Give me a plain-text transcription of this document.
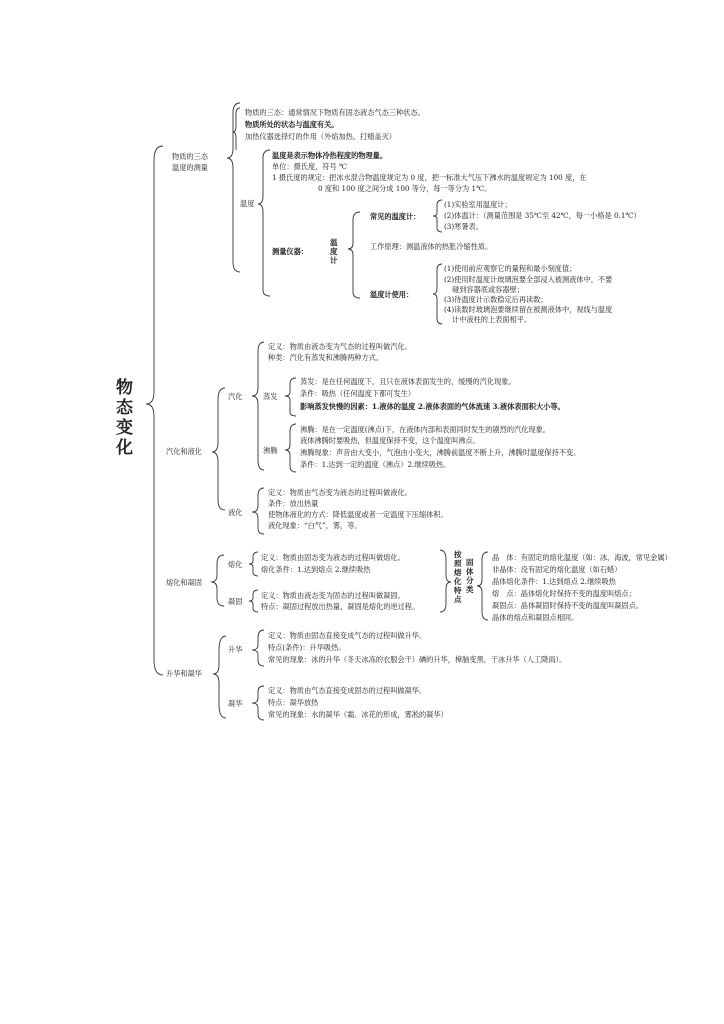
物态变化
物质的三态
温度的测量
物质的三态：通常情况下物质有固态液态气态三种状态。
物质所处的状态与温度有关。
加热仪器选择灯的作用（外焰加热、打蜡盖灭）
温度
温度是表示物体冷热程度的物理量。
单位：摄氏度，符号 ℃
1 摄氏度的规定：把冰水混合物温度规定为 0 度，把一标准大气压下沸水的温度规定为 100 度，在
0 度和 100 度之间分成 100 等分，每一等分为 1℃。
测量仪器：
温度计
常见的温度计：
(1)实验室用温度计；
(2)体温计：（测量范围是 35℃至 42℃，每一小格是 0.1℃）
(3)寒暑表。
工作原理：测温液体的热胀冷缩性质。
温度计使用：
(1)使用前应观察它的量程和最小刻度值；
(2)使用时温度计玻璃泡要全部浸入被测液体中，不要
碰到容器底或容器壁；
(3)待温度计示数稳定后再读数；
(4)读数时玻璃泡要继续留在被测液体中，视线与温度
计中液柱的上表面相平。
汽化和液化
汽化
定义：物质由液态变为气态的过程叫做汽化。
种类：汽化有蒸发和沸腾两种方式。
蒸发
蒸发：是在任何温度下，且只在液体表面发生的，缓慢的汽化现象。
条件：吸热（任何温度下都可发生）
影响蒸发快慢的因素：1.液体的温度 2.液体表面的气体流速 3.液体表面积大小等。
沸腾
沸腾：是在一定温度(沸点)下，在液体内部和表面同时发生的剧烈的汽化现象。
液体沸腾时要吸热，但温度保持不变，这个温度叫沸点。
沸腾现象：声音由大变小，气泡由小变大，沸腾前温度不断上升，沸腾时温度保持不变。
条件：1.达到一定的温度（沸点）2.继续吸热。
液化
定义：物质由气态变为液态的过程叫做液化。
条件：放出热量
使物体液化的方式：降低温度或者一定温度下压缩体积。
液化现象：“白气”，雾，等。
熔化和凝固
熔化
定义：物质由固态变为液态的过程叫做熔化。
熔化条件：1.达到熔点 2.继续吸热
凝固
定义：物质由液态变为固态的过程叫做凝固。
特点：凝固过程放出热量，凝固是熔化的逆过程。
按照熔化特点
固体分类
晶　体：有固定的熔化温度（如：冰、海波，常见金属）
非晶体：没有固定的熔化温度（如石蜡）
晶体熔化条件：1.达到熔点 2.继续吸热
熔　点：晶体熔化时保持不变的温度叫熔点；
凝固点：晶体凝固时保持不变的温度叫凝固点。
晶体的熔点和凝固点相同。
升华和凝华
升华
定义：物质由固态直接变成气态的过程叫做升华。
特点(条件)：升华吸热。
常见的现象：冰的升华（冬天冰冻的衣服会干）碘的升华，樟脑变黑，干冰升华（人工降雨）。
凝华
定义：物质由气态直接变成固态的过程叫做凝华。
特点：凝华放热
常见的现象：水的凝华（霜、冰花的形成，雾凇的凝华）
